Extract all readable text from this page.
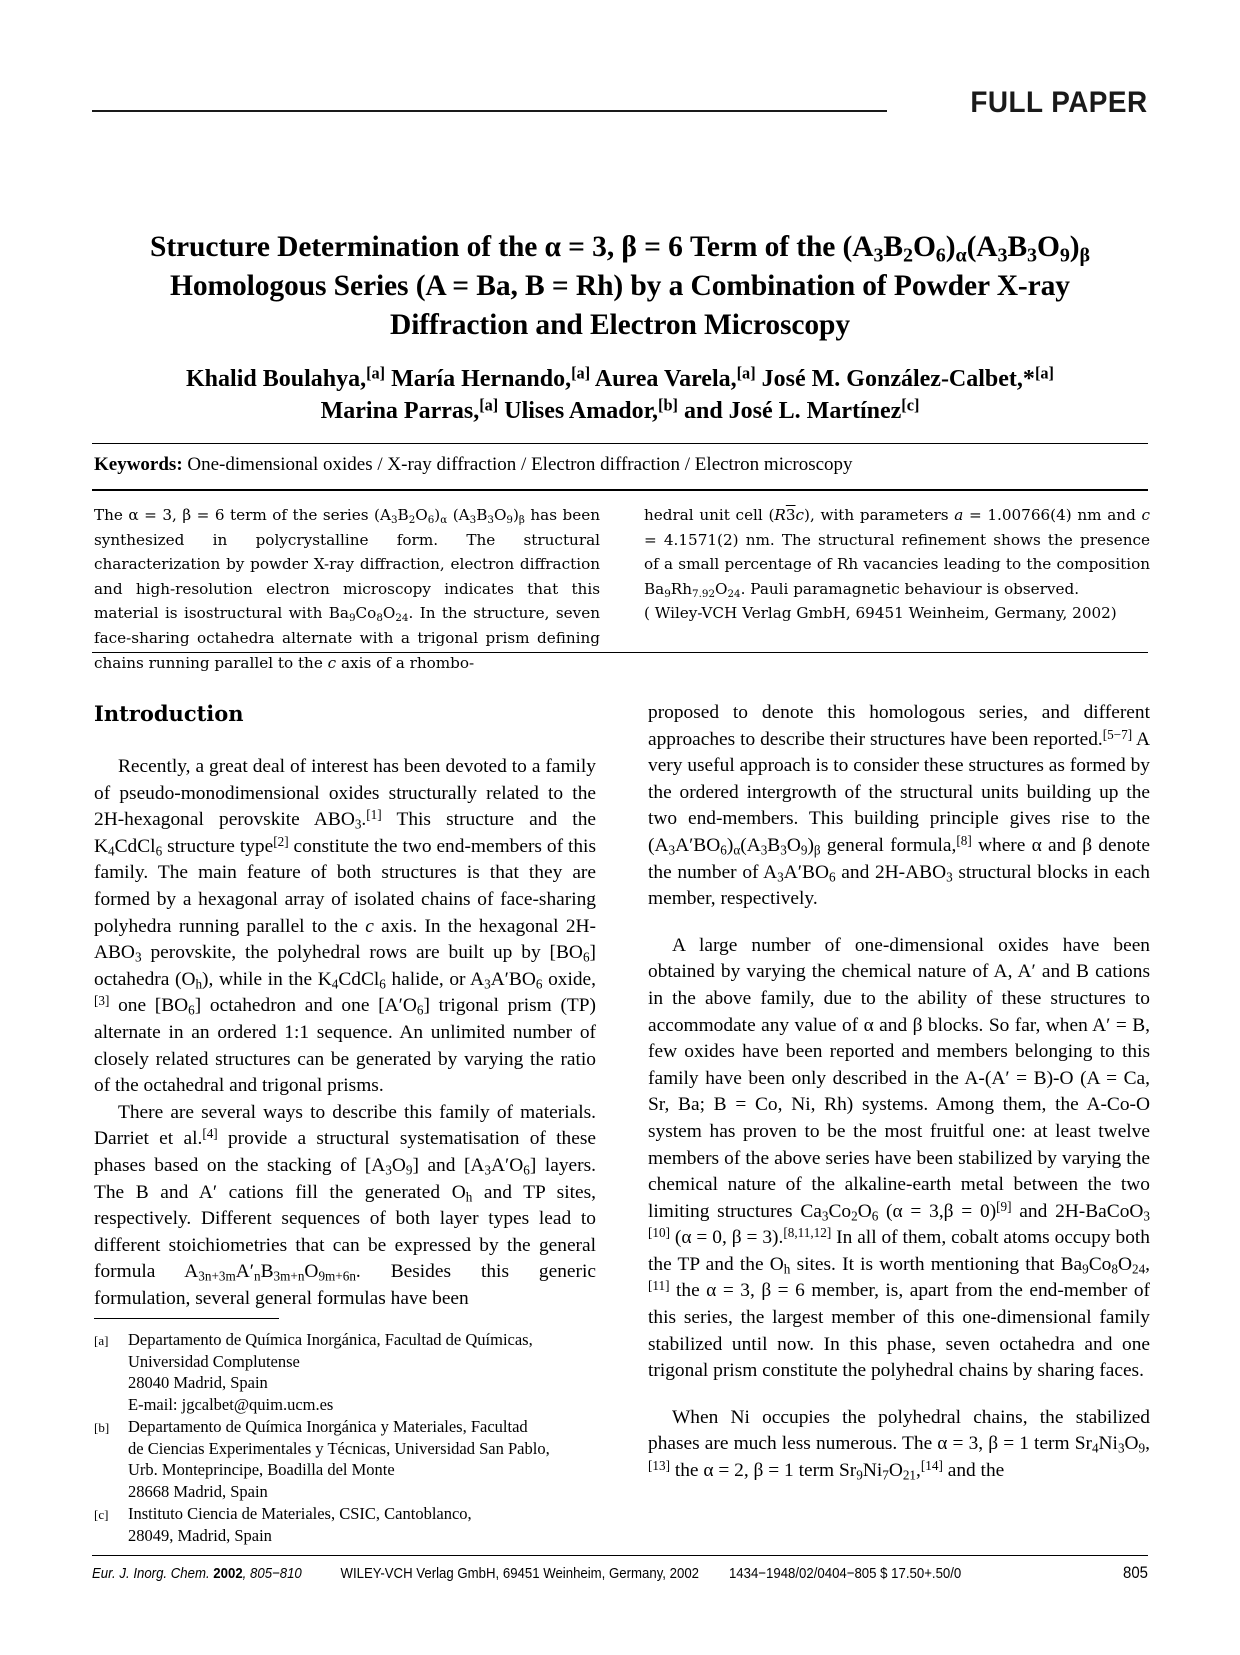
FULL PAPER
Structure Determination of the α = 3, β = 6 Term of the $(A_3B_2O_6)_\alpha(A_3B_3O_9)_\beta$
Homologous Series (A = Ba, B = Rh) by a Combination of Powder X-ray
Diffraction and Electron Microscopy
Khalid Boulahya,[a] María Hernando,[a] Aurea Varela,[a] José M. González-Calbet,*[a]
Marina Parras,[a] Ulises Amador,[b] and José L. Martínez[c]
Keywords: One-dimensional oxides / X-ray diffraction / Electron diffraction / Electron microscopy
The α = 3, β = 6 term of the series $(A_3B_2O_6)_\alpha$ $(A_3B_3O_9)_\beta$ has been synthesized in polycrystalline form. The structural characterization by powder X-ray diffraction, electron diffraction and high-resolution electron microscopy indicates that this material is isostructural with $Ba_9Co_8O_{24}$. In the structure, seven face-sharing octahedra alternate with a trigonal prism defining chains running parallel to the c axis of a rhombo-
hedral unit cell (R3c), with parameters a = 1.00766(4) nm and c = 4.1571(2) nm. The structural refinement shows the presence of a small percentage of Rh vacancies leading to the composition $Ba_9Rh_{7.92}O_{24}$. Pauli paramagnetic behaviour is observed.
( Wiley-VCH Verlag GmbH, 69451 Weinheim, Germany, 2002)
Introduction

Recently, a great deal of interest has been devoted to a family of pseudo-monodimensional oxides structurally related to the 2H-hexagonal perovskite $ABO_3.[1]$ This structure and the $K_4CdCl_6$ structure type[2] constitute the two end-members of this family. The main feature of both structures is that they are formed by a hexagonal array of isolated chains of face-sharing polyhedra running parallel to the c axis. In the hexagonal $2H-ABO_3$ perovskite, the polyhedral rows are built up by $[BO_6]$ octahedra $(O_h)$, while in the $K_4CdCl_6$ halide, or $A_3A'BO_6$ oxide,[3] one $[BO_6]$ octahedron and one $[A'O_6]$ trigonal prism (TP) alternate in an ordered 1:1 sequence. An unlimited number of closely related structures can be generated by varying the ratio of the octahedral and trigonal prisms.

There are several ways to describe this family of materials. Darriet et al.[4] provide a structural systematisation of these phases based on the stacking of $[A_3O_9]$ and $[A_3A'O_6]$ layers. The B and A′ cations fill the generated $O_h$ and TP sites, respectively. Different sequences of both layer types lead to different stoichiometries that can be expressed by the general formula $A_{3n+3m}A'_nB_{3m+n}O_{9m+6n}$. Besides this generic formulation, several general formulas have been

proposed to denote this homologous series, and different approaches to describe their structures have been reported.[5−7] A very useful approach is to consider these structures as formed by the ordered intergrowth of the structural units building up the two end-members. This building principle gives rise to the $(A_3A'BO_6)_\alpha(A_3B_3O_9)_\beta$ general formula,[8] where α and β denote the number of $A_3A'BO_6$ and $2H-ABO_3$ structural blocks in each member, respectively.

A large number of one-dimensional oxides have been obtained by varying the chemical nature of A, A′ and B cations in the above family, due to the ability of these structures to accommodate any value of α and β blocks. So far, when A′ = B, few oxides have been reported and members belonging to this family have been only described in the A-(A′ = B)-O (A = Ca, Sr, Ba; B = Co, Ni, Rh) systems. Among them, the A-Co-O system has proven to be the most fruitful one: at least twelve members of the above series have been stabilized by varying the chemical nature of the alkaline-earth metal between the two limiting structures $Ca_3Co_2O_6$ (α = 3,β = 0)[9] and 2H-BaCoO$_3$ [10] (α = 0, β = 3).[8,11,12] In all of them, cobalt atoms occupy both the TP and the $O_h$ sites. It is worth mentioning that $Ba_9Co_8O_{24},[11]$ the α = 3, β = 6 member, is, apart from the end-member of this series, the largest member of this one-dimensional family stabilized until now. In this phase, seven octahedra and one trigonal prism constitute the polyhedral chains by sharing faces.

When Ni occupies the polyhedral chains, the stabilized phases are much less numerous. The α = 3, β = 1 term $Sr_4Ni_3O_9,[13]$ the α = 2, β = 1 term $Sr_9Ni_7O_{21},[14]$ and the

[a]	Departamento de Química Inorgánica, Facultad de Químicas,
Universidad Complutense
28040 Madrid, Spain
E-mail: jgcalbet@quim.ucm.es
[b]	Departamento de Química Inorgánica y Materiales, Facultad
de Ciencias Experimentales y Técnicas, Universidad San Pablo,
Urb. Monteprincipe, Boadilla del Monte
28668 Madrid, Spain
[c]	Instituto Ciencia de Materiales, CSIC, Cantoblanco,
28049, Madrid, Spain
Eur. J. Inorg. Chem. 2002, 805−810	WILEY-VCH Verlag GmbH, 69451 Weinheim, Germany, 2002 1434−1948/02/0404−805 $ 17.50+.50/0	805
